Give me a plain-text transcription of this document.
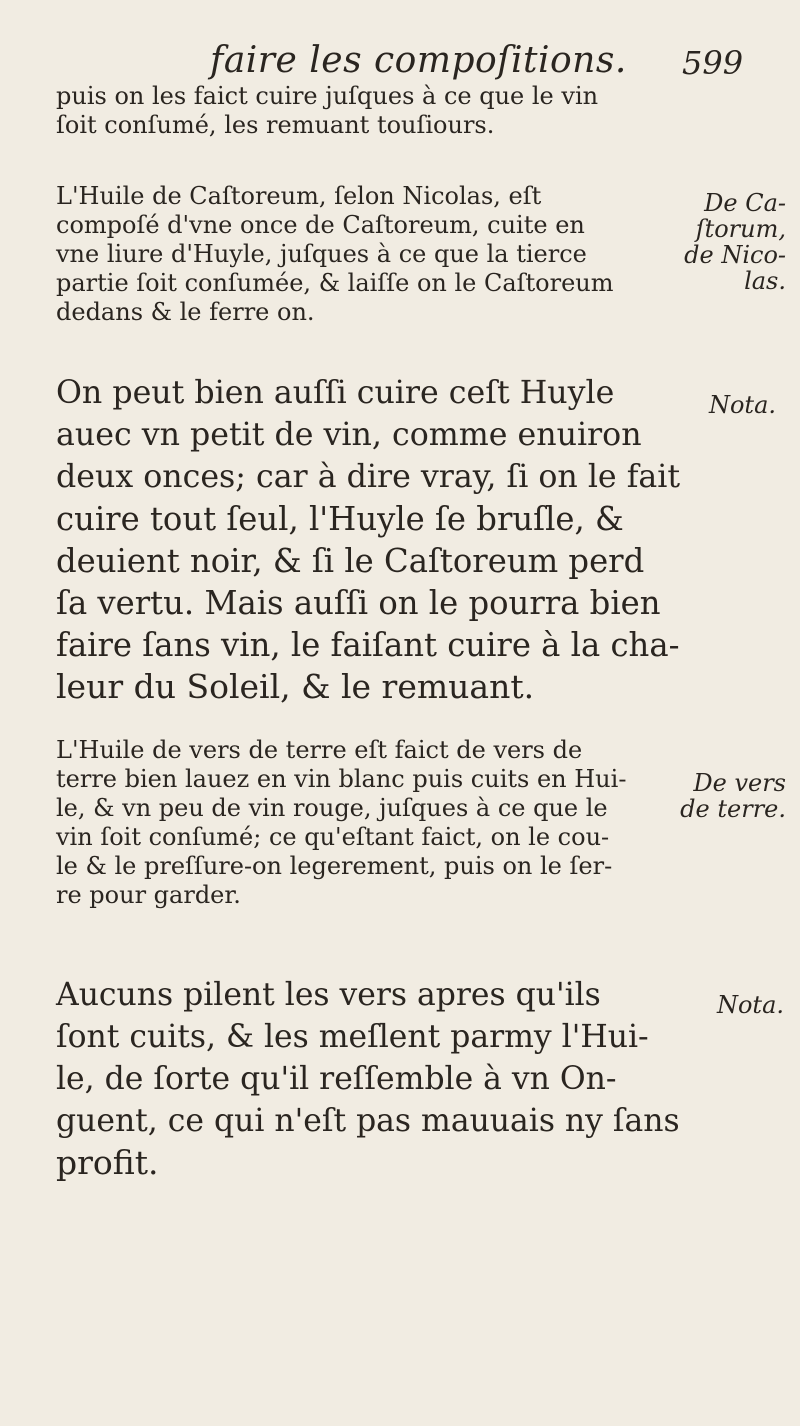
faire les compoſitions. 599
puis on les faict cuire juſques à ce que le vin
ſoit conſumé, les remuant touſiours.
L'Huile de Caſtoreum, ſelon Nicolas, eſt
compoſé d'vne once de Caſtoreum, cuite en
vne liure d'Huyle, juſques à ce que la tierce
partie ſoit conſumée, & laiſſe on le Caſtoreum
dedans & le ferre on.
De Ca-
ſtorum,
de Nico-
las.
On peut bien auſſi cuire ceſt Huyle
auec vn petit de vin, comme enuiron
deux onces; car à dire vray, ſi on le fait
cuire tout ſeul, l'Huyle ſe bruſle, &
deuient noir, & ſi le Caſtoreum perd
ſa vertu. Mais auſſi on le pourra bien
faire ſans vin, le faiſant cuire à la cha-
leur du Soleil, & le remuant.
Nota.
L'Huile de vers de terre eſt faict de vers de
terre bien lauez en vin blanc puis cuits en Hui-
le, & vn peu de vin rouge, juſques à ce que le
vin ſoit conſumé; ce qu'eſtant faict, on le cou-
le & le preſſure-on legerement, puis on le ſer-
re pour garder.
De vers
de terre.
Aucuns pilent les vers apres qu'ils
ſont cuits, & les meſlent parmy l'Hui-
le, de ſorte qu'il reſſemble à vn On-
guent, ce qui n'eſt pas mauuais ny ſans
profit.
Nota.
